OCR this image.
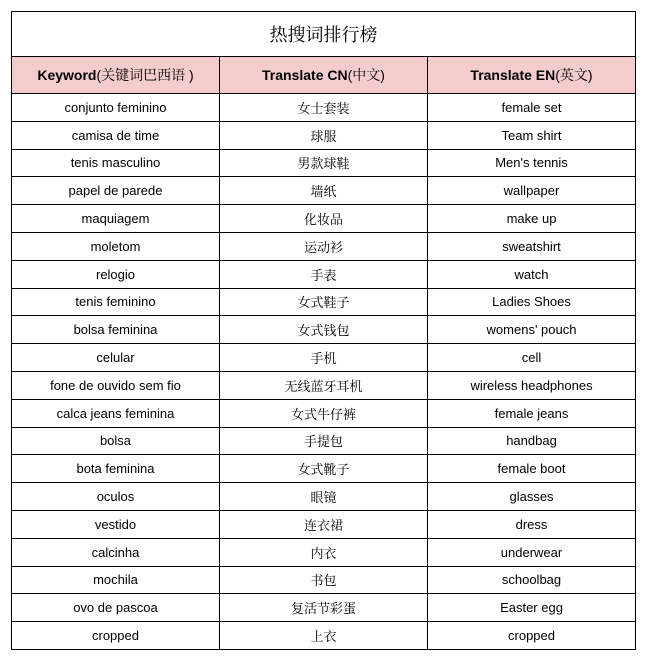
热搜词排行榜		
Keyword(关键词巴西语 )	Translate CN(中文)	Translate EN(英文)
conjunto feminino	女士套装	female set
camisa de time	球服	Team shirt
tenis masculino	男款球鞋	Men's tennis
papel de parede	墙纸	wallpaper
maquiagem	化妆品	make up
moletom	运动衫	sweatshirt
relogio	手表	watch
tenis feminino	女式鞋子	Ladies Shoes
bolsa feminina	女式钱包	womens' pouch
celular	手机	cell
fone de ouvido sem fio	无线蓝牙耳机	wireless headphones
calca jeans feminina	女式牛仔裤	female jeans
bolsa	手提包	handbag
bota feminina	女式靴子	female boot
oculos	眼镜	glasses
vestido	连衣裙	dress
calcinha	内衣	underwear
mochila	书包	schoolbag
ovo de pascoa	复活节彩蛋	Easter egg
cropped	上衣	cropped
